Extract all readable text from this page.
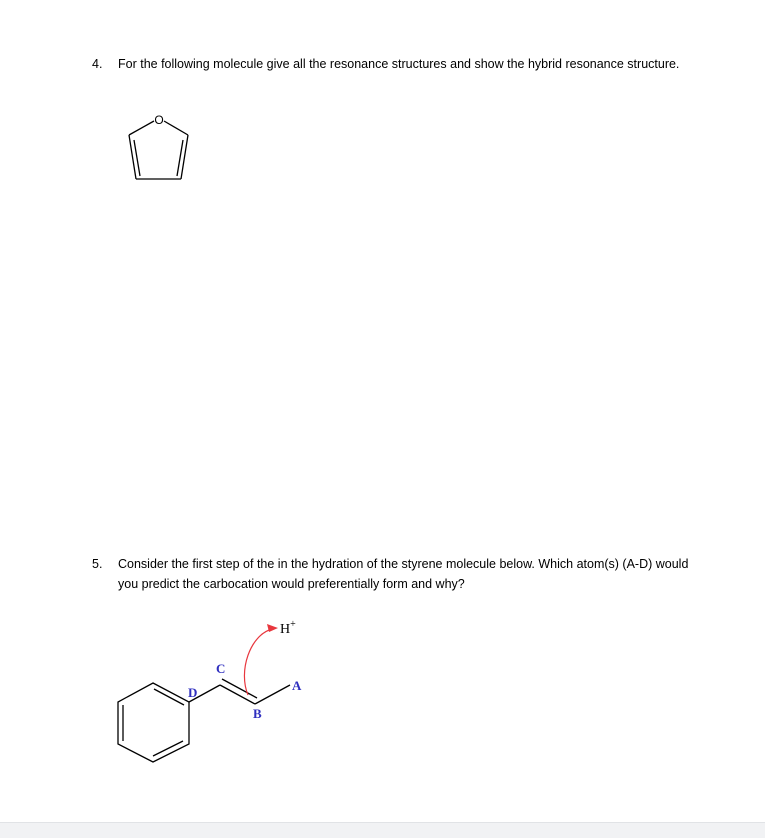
4. For the following molecule give all the resonance structures and show the hybrid resonance structure.
O
5. Consider the first step of the in the hydration of the styrene molecule below. Which atom(s) (A-D) would you predict the carbocation would preferentially form and why?
C
D
B
A
H+
